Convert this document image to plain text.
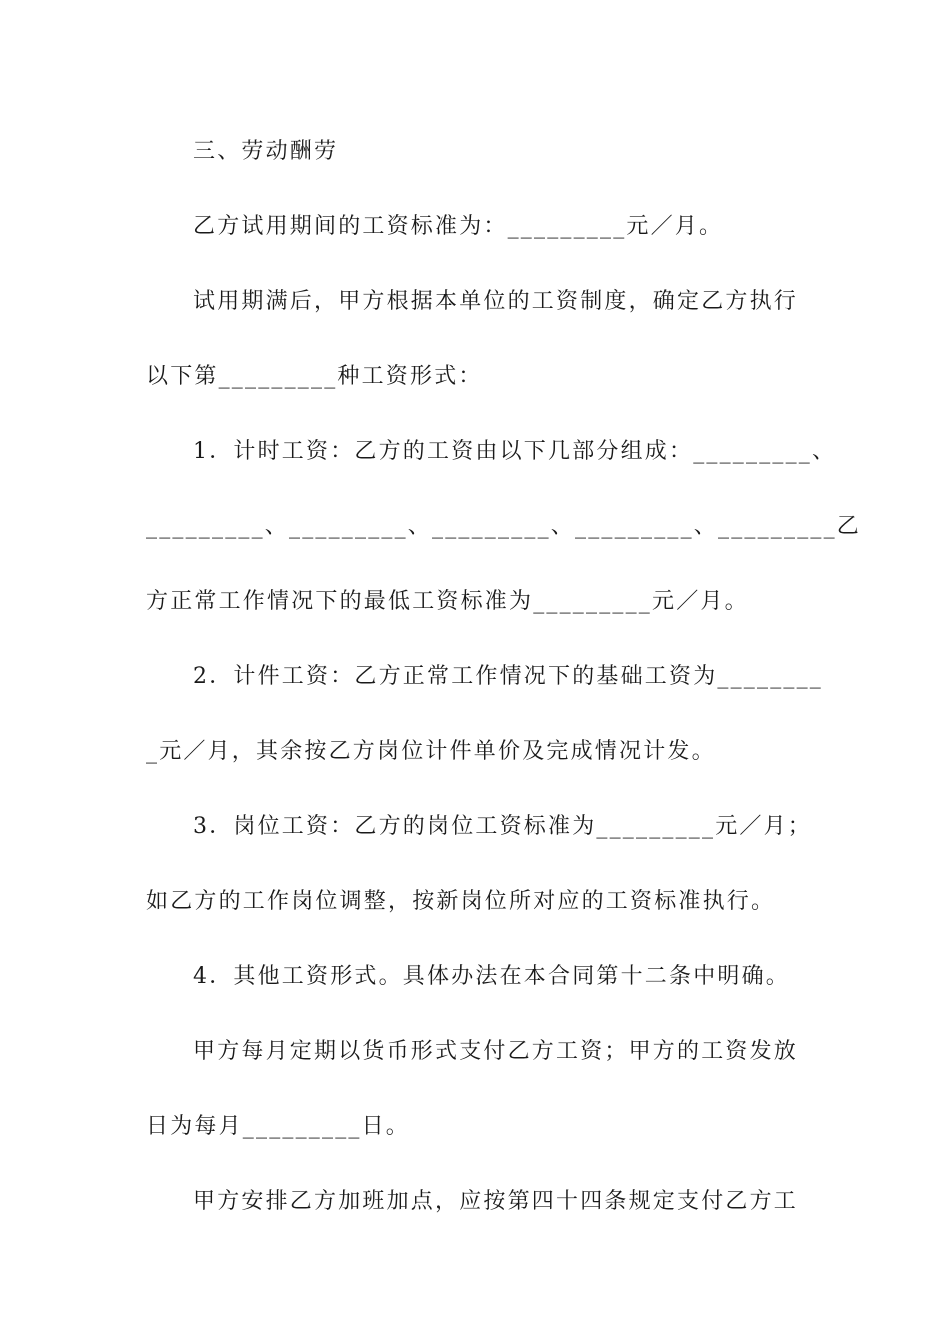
三、劳动酬劳
乙方试用期间的工资标准为：_________元／月。
试用期满后，甲方根据本单位的工资制度，确定乙方执行
以下第_________种工资形式：
1．计时工资：乙方的工资由以下几部分组成：_________、
_________、_________、_________、_________、_________乙
方正常工作情况下的最低工资标准为_________元／月。
2．计件工资：乙方正常工作情况下的基础工资为________
_元／月，其余按乙方岗位计件单价及完成情况计发。
3．岗位工资：乙方的岗位工资标准为_________元／月；
如乙方的工作岗位调整，按新岗位所对应的工资标准执行。
4．其他工资形式。具体办法在本合同第十二条中明确。
甲方每月定期以货币形式支付乙方工资；甲方的工资发放
日为每月_________日。
甲方安排乙方加班加点，应按第四十四条规定支付乙方工
